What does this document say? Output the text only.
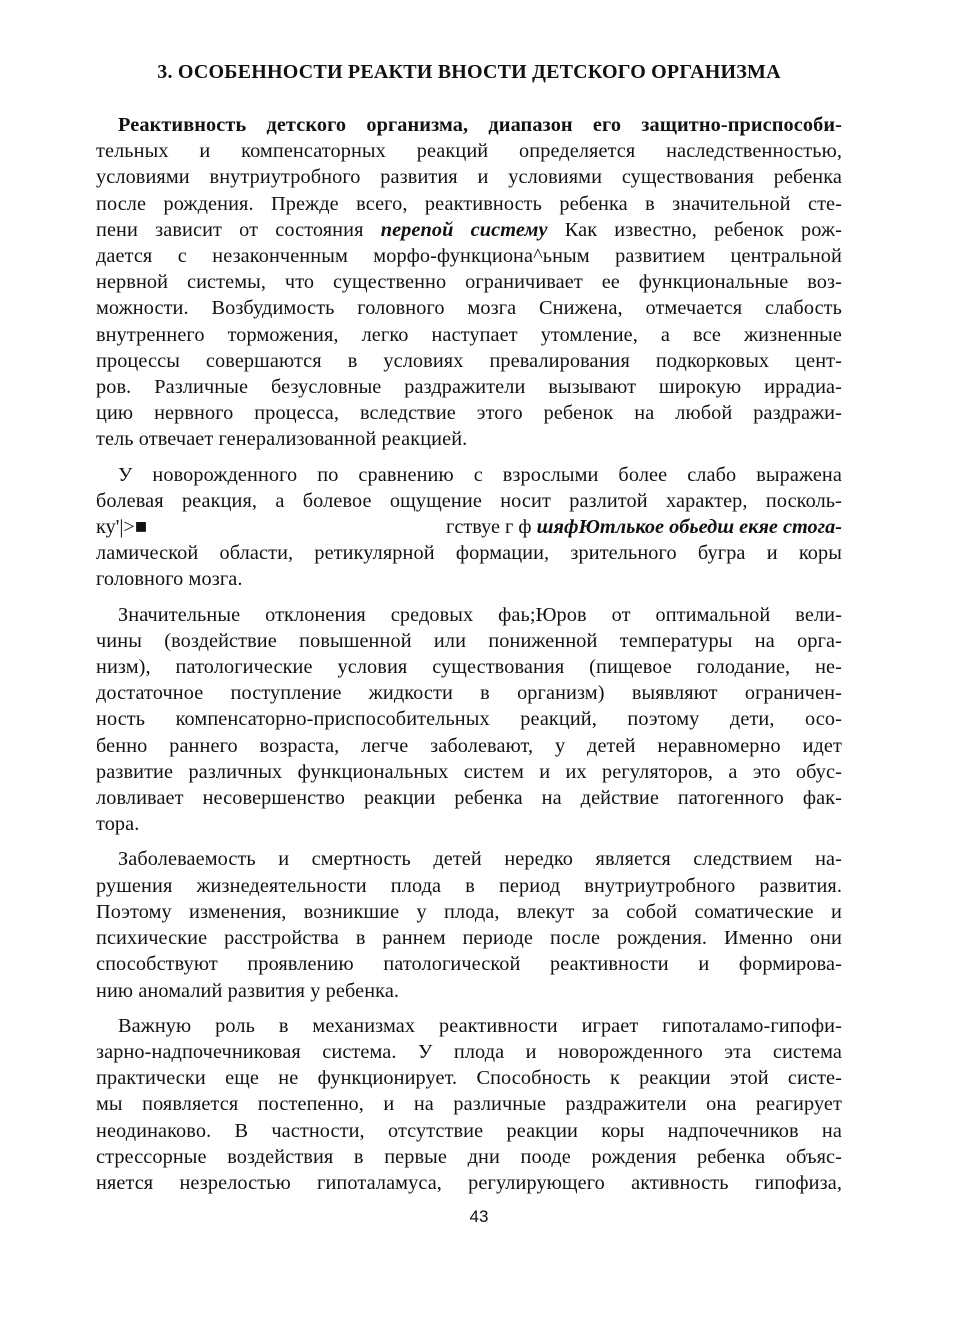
3. ОСОБЕННОСТИ РЕАКТИ ВНОСТИ ДЕТСКОГО ОРГАНИЗМА
Реактивность детского организма, диапазон его защитно-приспособи-
тельных и компенсаторных реакций определяется наследственностью,
условиями внутриутробного развития и условиями существования ребенка
после рождения. Прежде всего, реактивность ребенка в значительной сте-
пени зависит от состояния перепой систему Как известно, ребенок рож-
дается с незаконченным морфо-функциона^ьным развитием центральной
нервной системы, что существенно ограничивает ее функциональные воз-
можности. Возбудимость головного мозга Снижена, отмечается слабость
внутреннего торможения, легко наступает утомление, а все жизненные
процессы совершаются в условиях превалирования подкорковых цент-
ров. Различные безусловные раздражители вызывают широкую иррадиа-
цию нервного процесса, вследствие этого ребенок на любой раздражи-
тель отвечает генерализованной реакцией.
У новорожденного по сравнению с взрослыми более слабо выражена
болевая реакция, а болевое ощущение носит разлитой характер, посколь-
ку'|>■	гствуе г ф шяфЮтлькое обьедш екяе стога-
ламической области, ретикулярной формации, зрительного бугра и коры
головного мозга.
Значительные отклонения средовых фаь;Юров от оптимальной вели-
чины (воздействие повышенной или пониженной температуры на орга-
низм), патологические условия существования (пищевое голодание, не-
достаточное поступление жидкости в организм) выявляют ограничен-
ность компенсаторно-приспособительных реакций, поэтому дети, осо-
бенно раннего возраста, легче заболевают, у детей неравномерно идет
развитие различных функциональных систем и их регуляторов, а это обус-
ловливает несовершенство реакции ребенка на действие патогенного фак-
тора.
Заболеваемость и смертность детей нередко является следствием на-
рушения жизнедеятельности плода в период внутриутробного развития.
Поэтому изменения, возникшие у плода, влекут за собой соматические и
психические расстройства в раннем периоде после рождения. Именно они
способствуют проявлению патологической реактивности и формирова-
нию аномалий развития у ребенка.
Важную роль в механизмах реактивности играет гипоталамо-гипофи-
зарно-надпочечниковая система. У плода и новорожденного эта система
практически еще не функционирует. Способность к реакции этой систе-
мы появляется постепенно, и на различные раздражители она реагирует
неодинаково. В частности, отсутствие реакции коры надпочечников на
стрессорные воздействия в первые дни пооде рождения ребенка объяс-
няется незрелостью гипоталамуса, регулирующего активность гипофиза,
43
